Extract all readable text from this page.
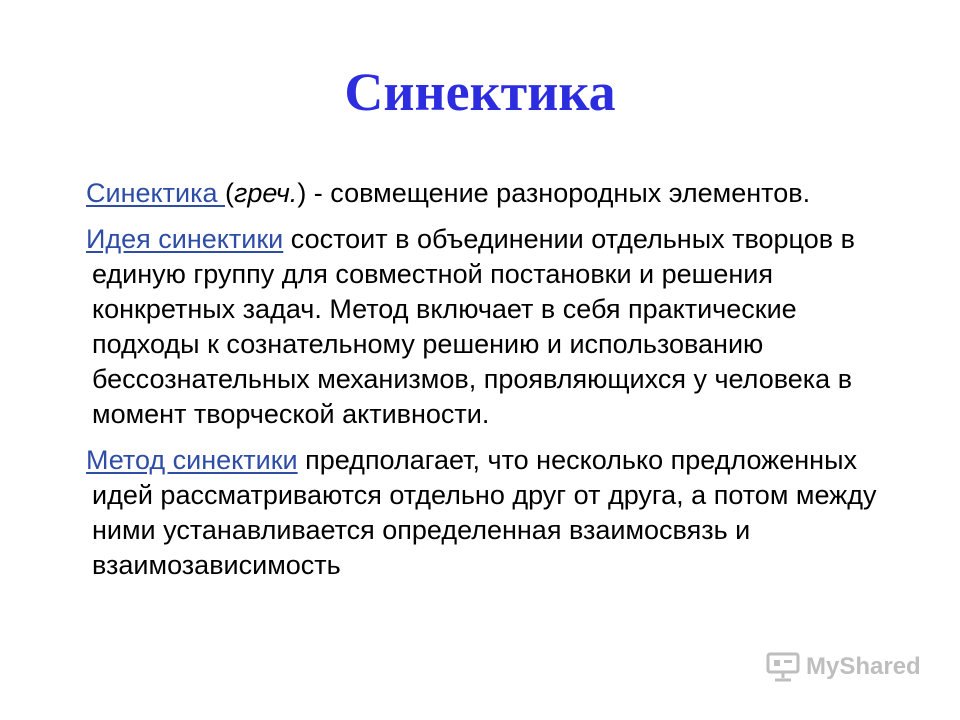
Синектика

Синектика (греч.) - совмещение разнородных элементов.

Идея синектики состоит в объединении отдельных творцов в единую группу для совместной постановки и решения конкретных задач. Метод включает в себя практические подходы к сознательному решению и использованию бессознательных механизмов, проявляющихся у человека в момент творческой активности.

Метод синектики предполагает, что несколько предложенных идей рассматриваются отдельно друг от друга, а потом между ними устанавливается определенная взаимосвязь и взаимозависимость

MyShared
